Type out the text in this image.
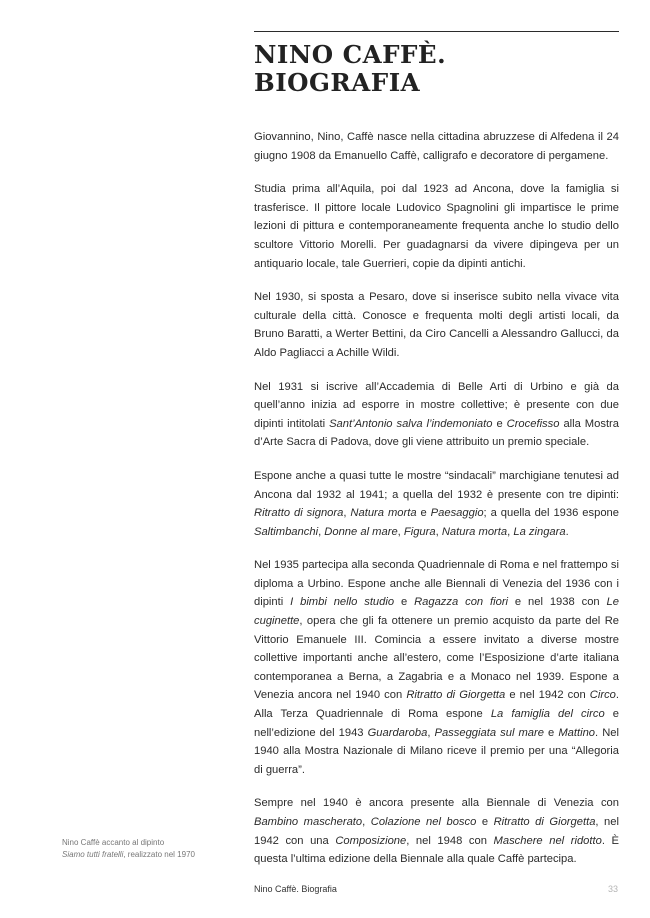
NINO CAFFÈ.
BIOGRAFIA

Giovannino, Nino, Caffè nasce nella cittadina abruzzese di Alfedena il 24 giugno 1908 da Emanuello Caffè, calligrafo e decoratore di pergamene.

Studia prima all’Aquila, poi dal 1923 ad Ancona, dove la famiglia si trasferisce. Il pittore locale Ludovico Spagnolini gli impartisce le prime lezioni di pittura e contemporaneamente frequenta anche lo studio dello scultore Vittorio Morelli. Per guadagnarsi da vivere dipingeva per un antiquario locale, tale Guerrieri, copie da dipinti antichi.

Nel 1930, si sposta a Pesaro, dove si inserisce subito nella vivace vita culturale della città. Conosce e frequenta molti degli artisti locali, da Bruno Baratti, a Werter Bettini, da Ciro Cancelli a Alessandro Gallucci, da Aldo Pagliacci a Achille Wildi.

Nel 1931 si iscrive all’Accademia di Belle Arti di Urbino e già da quell’anno inizia ad esporre in mostre collettive; è presente con due dipinti intitolati Sant’Antonio salva l’indemoniato e Crocefisso alla Mostra d’Arte Sacra di Padova, dove gli viene attribuito un premio speciale.

Espone anche a quasi tutte le mostre “sindacali” marchigiane tenutesi ad Ancona dal 1932 al 1941; a quella del 1932 è presente con tre dipinti: Ritratto di signora, Natura morta e Paesaggio; a quella del 1936 espone Saltimbanchi, Donne al mare, Figura, Natura morta, La zingara.

Nel 1935 partecipa alla seconda Quadriennale di Roma e nel frattempo si diploma a Urbino. Espone anche alle Biennali di Venezia del 1936 con i dipinti I bimbi nello studio e Ragazza con fiori e nel 1938 con Le cuginette, opera che gli fa ottenere un premio acquisto da parte del Re Vittorio Emanuele III. Comincia a essere invitato a diverse mostre collettive importanti anche all’estero, come l’Esposizione d’arte italiana contemporanea a Berna, a Zagabria e a Monaco nel 1939. Espone a Venezia ancora nel 1940 con Ritratto di Giorgetta e nel 1942 con Circo. Alla Terza Quadriennale di Roma espone La famiglia del circo e nell’edizione del 1943 Guardaroba, Passeggiata sul mare e Mattino. Nel 1940 alla Mostra Nazionale di Milano riceve il premio per una “Allegoria di guerra”.

Sempre nel 1940 è ancora presente alla Biennale di Venezia con Bambino mascherato, Colazione nel bosco e Ritratto di Giorgetta, nel 1942 con una Composizione, nel 1948 con Maschere nel ridotto. È questa l’ultima edizione della Biennale alla quale Caffè partecipa.

Nino Caffè accanto al dipinto
Siamo tutti fratelli, realizzato nel 1970
Nino Caffè. Biografia	33
